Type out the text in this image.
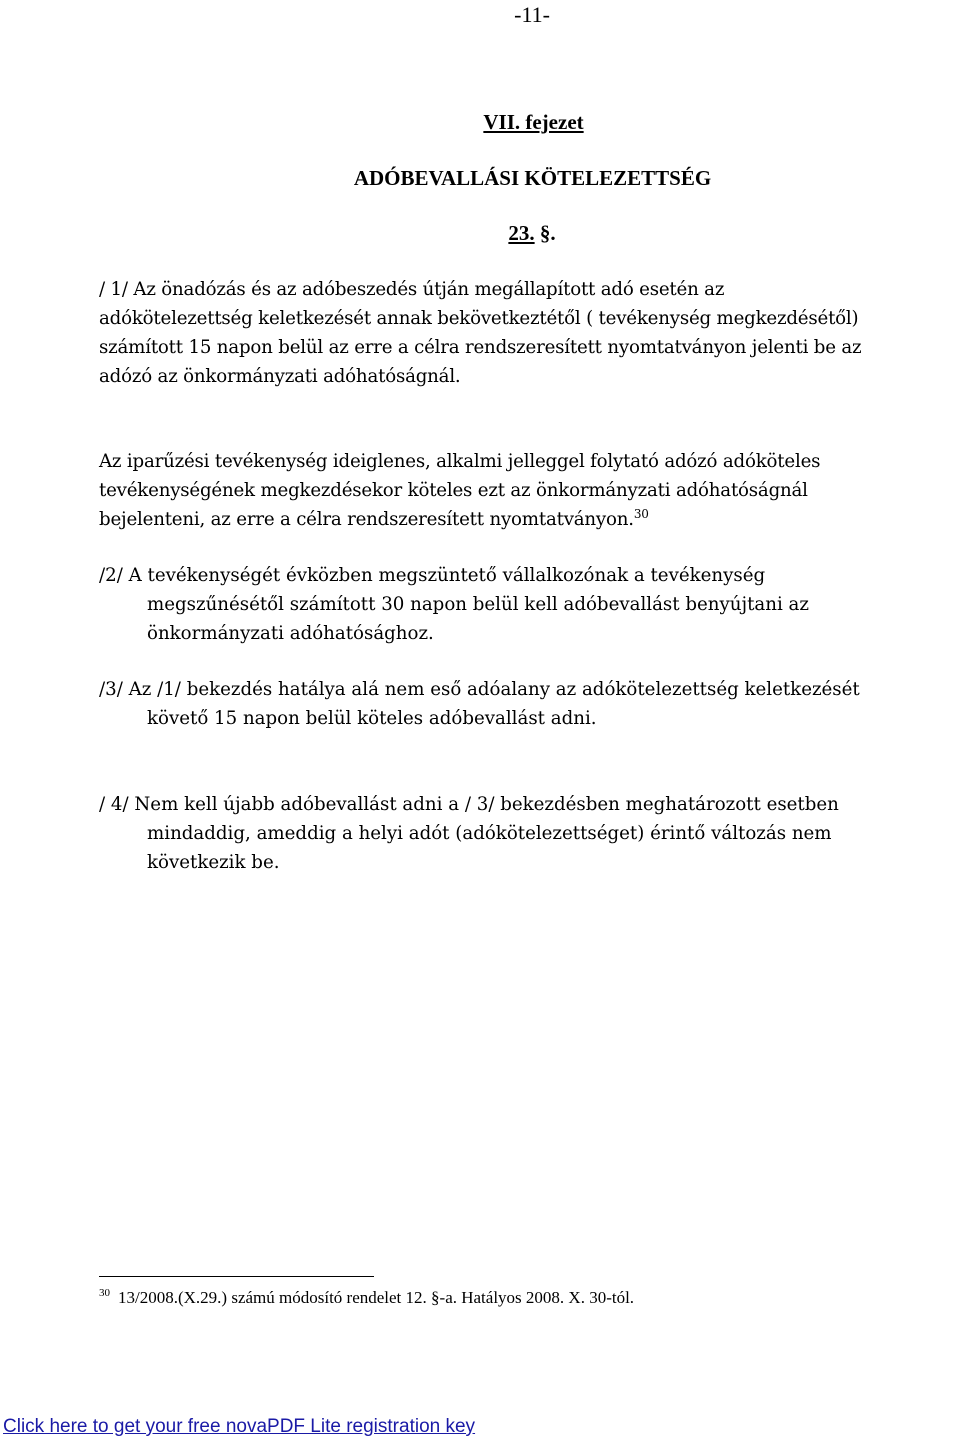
-11-
VII. fejezet
ADÓBEVALLÁSI KÖTELEZETTSÉG
23. §.
/ 1/ Az önadózás és az adóbeszedés útján megállapított adó esetén az
adókötelezettség keletkezését annak bekövetkeztétől ( tevékenység megkezdésétől)
számított 15 napon belül az erre a célra rendszeresített nyomtatványon jelenti be az
adózó az önkormányzati adóhatóságnál.
Az iparűzési tevékenység ideiglenes, alkalmi jelleggel folytató adózó adóköteles
tevékenységének megkezdésekor köteles ezt az önkormányzati adóhatóságnál
bejelenteni, az erre a célra rendszeresített nyomtatványon.$^{30}$
/2/ A tevékenységét évközben megszüntető vállalkozónak a tevékenység
megszűnésétől számított 30 napon belül kell adóbevallást benyújtani az
önkormányzati adóhatósághoz.
/3/ Az /1/ bekezdés hatálya alá nem eső adóalany az adókötelezettség keletkezését
követő 15 napon belül köteles adóbevallást adni.
/ 4/ Nem kell újabb adóbevallást adni a / 3/ bekezdésben meghatározott esetben
mindaddig, ameddig a helyi adót (adókötelezettséget) érintő változás nem
következik be.
$^{30}$ 13/2008.(X.29.) számú módosító rendelet 12. §-a. Hatályos 2008. X. 30-tól.
Click here to get your free novaPDF Lite registration key
